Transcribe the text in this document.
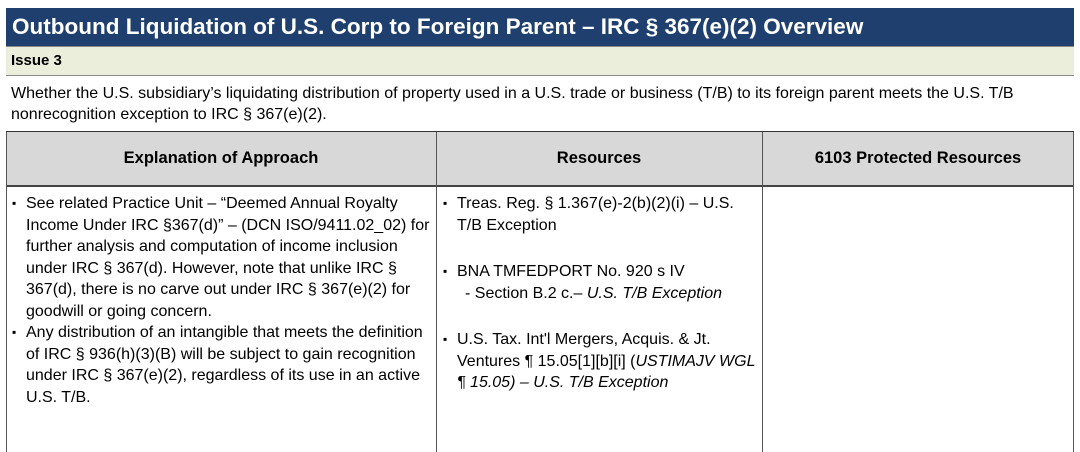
Outbound Liquidation of U.S. Corp to Foreign Parent – IRC § 367(e)(2) Overview
Issue 3
Whether the U.S. subsidiary’s liquidating distribution of property used in a U.S. trade or business (T/B) to its foreign parent meets the U.S. T/B nonrecognition exception to IRC § 367(e)(2).
Explanation of Approach	Resources	6103 Protected Resources
▪ See related Practice Unit – “Deemed Annual Royalty Income Under IRC §367(d)” – (DCN ISO/9411.02_02) for further analysis and computation of income inclusion under IRC § 367(d). However, note that unlike IRC § 367(d), there is no carve out under IRC § 367(e)(2) for goodwill or going concern.
▪ Any distribution of an intangible that meets the definition of IRC § 936(h)(3)(B) will be subject to gain recognition under IRC § 367(e)(2), regardless of its use in an active U.S. T/B.
▪ Treas. Reg. § 1.367(e)-2(b)(2)(i) – U.S. T/B Exception
▪ BNA TMFEDPORT No. 920 s IV
- Section B.2 c.– U.S. T/B Exception
▪ U.S. Tax. Int'l Mergers, Acquis. & Jt. Ventures ¶ 15.05[1][b][i] (USTIMAJV WGL ¶ 15.05) – U.S. T/B Exception
